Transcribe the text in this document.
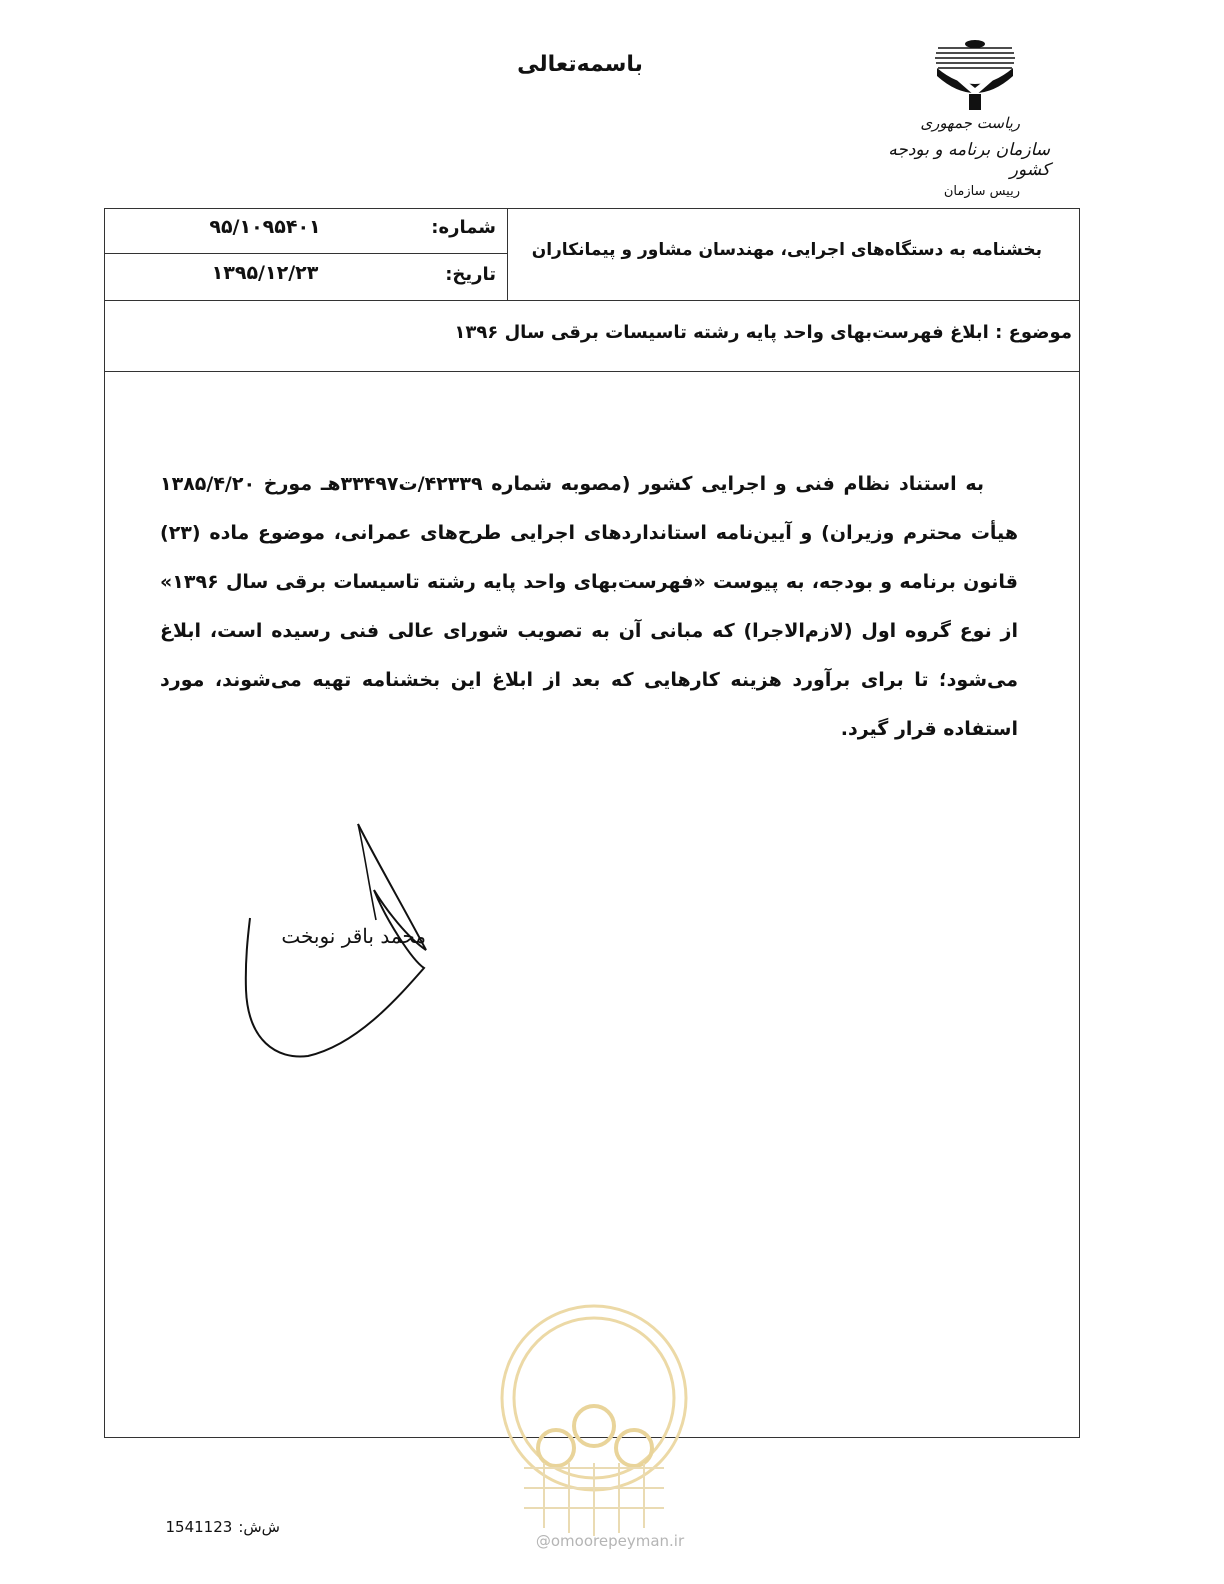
باسمه‌تعالی
ریاست جمهوری
سازمان برنامه و بودجه کشور
رییس سازمان
شماره:
۹۵/۱۰۹۵۴۰۱
تاریخ:
۱۳۹۵/۱۲/۲۳
بخشنامه به دستگاه‌های اجرایی، مهندسان مشاور و پیمانکاران
موضوع : ابلاغ فهرست‌بهای واحد پایه رشته تاسیسات برقی سال ۱۳۹۶
به استناد نظام فنی و اجرایی کشور (مصوبه شماره ۴۲۳۳۹/ت۳۳۴۹۷هـ مورخ ۱۳۸۵/۴/۲۰ هیأت محترم وزیران) و آیین‌نامه استانداردهای اجرایی طرح‌های عمرانی، موضوع ماده (۲۳) قانون برنامه و بودجه، به پیوست «فهرست‌بهای واحد پایه رشته تاسیسات برقی سال ۱۳۹۶» از نوع گروه اول (لازم‌الاجرا) که مبانی آن به تصویب شورای عالی فنی رسیده است، ابلاغ می‌شود؛ تا برای برآورد هزینه کارهایی که بعد از ابلاغ این بخشنامه تهیه می‌شوند، مورد استفاده قرار گیرد.
محمد باقر نوبخت
@omoorepeyman.ir
ش‌ش:1541123
